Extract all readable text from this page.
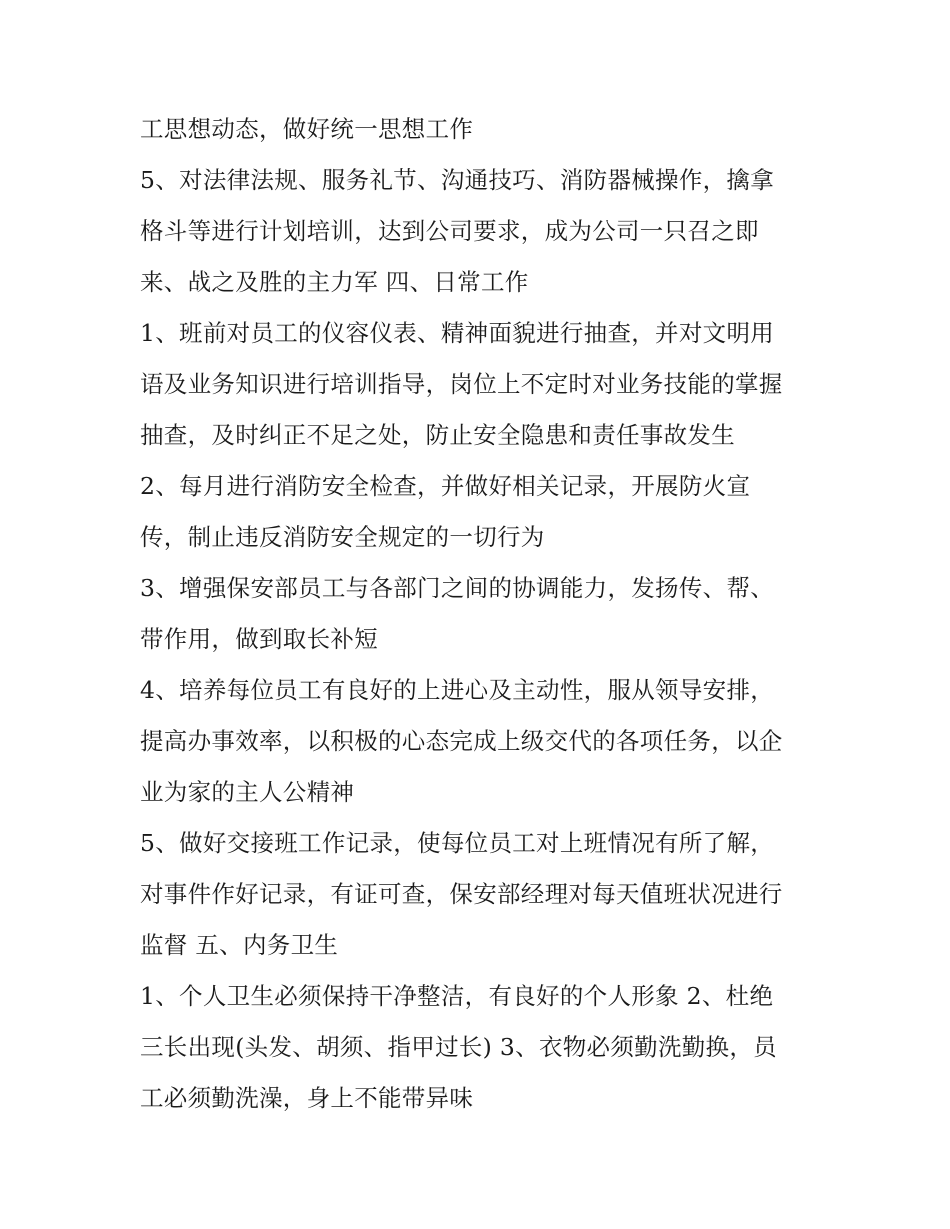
工思想动态，做好统一思想工作
5、对法律法规、服务礼节、沟通技巧、消防器械操作，擒拿
格斗等进行计划培训，达到公司要求，成为公司一只召之即
来、战之及胜的主力军 四、日常工作
1、班前对员工的仪容仪表、精神面貌进行抽查，并对文明用
语及业务知识进行培训指导，岗位上不定时对业务技能的掌握
抽查，及时纠正不足之处，防止安全隐患和责任事故发生
2、每月进行消防安全检查，并做好相关记录，开展防火宣
传，制止违反消防安全规定的一切行为
3、增强保安部员工与各部门之间的协调能力，发扬传、帮、
带作用，做到取长补短
4、培养每位员工有良好的上进心及主动性，服从领导安排，
提高办事效率，以积极的心态完成上级交代的各项任务，以企
业为家的主人公精神
5、做好交接班工作记录，使每位员工对上班情况有所了解，
对事件作好记录，有证可查，保安部经理对每天值班状况进行
监督 五、内务卫生
1、个人卫生必须保持干净整洁，有良好的个人形象 2、杜绝
三长出现(头发、胡须、指甲过长) 3、衣物必须勤洗勤换，员
工必须勤洗澡，身上不能带异味
